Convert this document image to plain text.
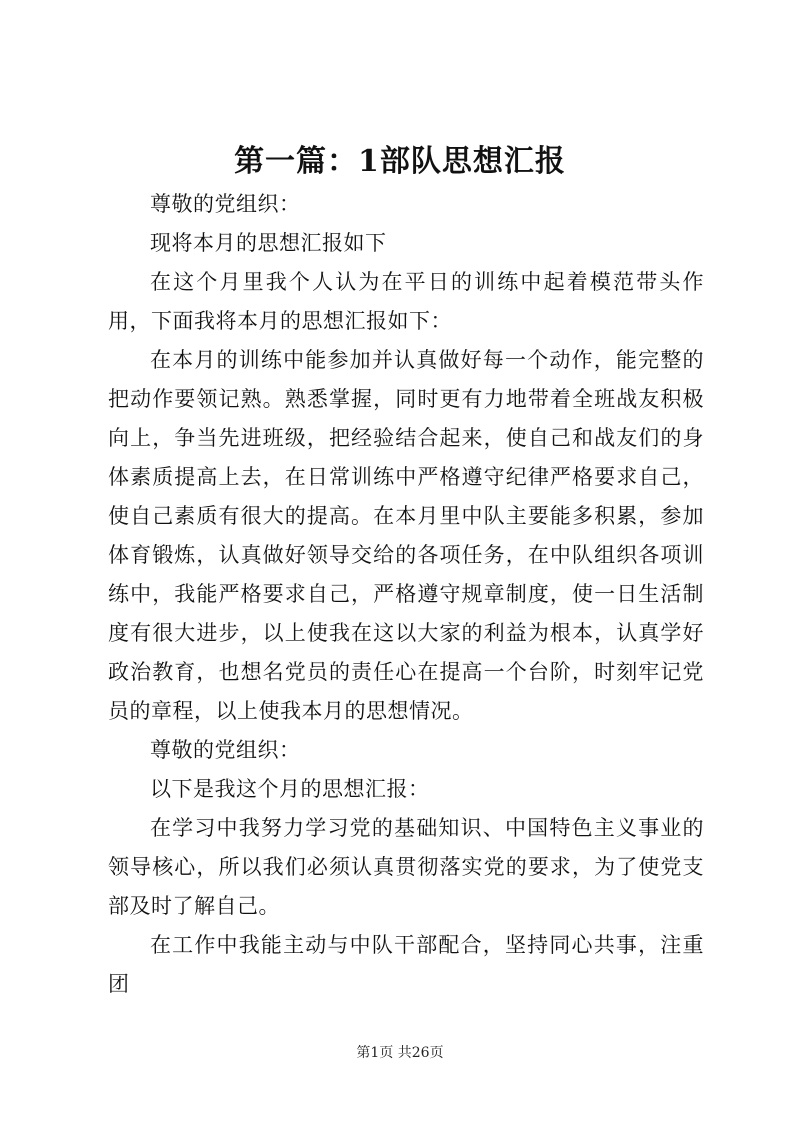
第一篇：1部队思想汇报

尊敬的党组织：

现将本月的思想汇报如下

在这个月里我个人认为在平日的训练中起着模范带头作用，下面我将本月的思想汇报如下：

在本月的训练中能参加并认真做好每一个动作，能完整的把动作要领记熟。熟悉掌握，同时更有力地带着全班战友积极向上，争当先进班级，把经验结合起来，使自己和战友们的身体素质提高上去，在日常训练中严格遵守纪律严格要求自己，使自己素质有很大的提高。在本月里中队主要能多积累，参加体育锻炼，认真做好领导交给的各项任务，在中队组织各项训练中，我能严格要求自己，严格遵守规章制度，使一日生活制度有很大进步，以上使我在这以大家的利益为根本，认真学好政治教育，也想名党员的责任心在提高一个台阶，时刻牢记党员的章程，以上使我本月的思想情况。

尊敬的党组织：

以下是我这个月的思想汇报：

在学习中我努力学习党的基础知识、中国特色主义事业的领导核心，所以我们必须认真贯彻落实党的要求，为了使党支部及时了解自己。

在工作中我能主动与中队干部配合，坚持同心共事，注重团

第1页 共26页
